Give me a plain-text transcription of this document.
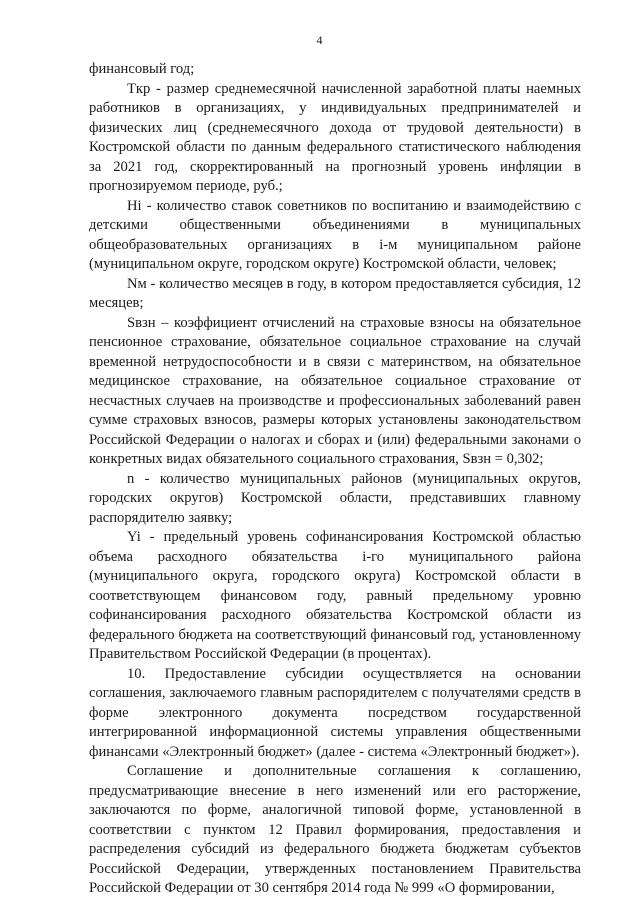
4

финансовый год;

Tкр - размер среднемесячной начисленной заработной платы наемных работников в организациях, у индивидуальных предпринимателей и физических лиц (среднемесячного дохода от трудовой деятельности) в Костромской области по данным федерального статистического наблюдения за 2021 год, скорректированный на прогнозный уровень инфляции в прогнозируемом периоде, руб.;

Hi - количество ставок советников по воспитанию и взаимодействию с детскими общественными объединениями в муниципальных общеобразовательных организациях в i-м муниципальном районе (муниципальном округе, городском округе) Костромской области, человек;

Nм - количество месяцев в году, в котором предоставляется субсидия, 12 месяцев;

Sвзн – коэффициент отчислений на страховые взносы на обязательное пенсионное страхование, обязательное социальное страхование на случай временной нетрудоспособности и в связи с материнством, на обязательное медицинское страхование, на обязательное социальное страхование от несчастных случаев на производстве и профессиональных заболеваний равен сумме страховых взносов, размеры которых установлены законодательством Российской Федерации о налогах и сборах и (или) федеральными законами о конкретных видах обязательного социального страхования, Sвзн = 0,302;

n - количество муниципальных районов (муниципальных округов, городских округов) Костромской области, представивших главному распорядителю заявку;

Yi - предельный уровень софинансирования Костромской областью объема расходного обязательства i-го муниципального района (муниципального округа, городского округа) Костромской области в соответствующем финансовом году, равный предельному уровню софинансирования расходного обязательства Костромской области из федерального бюджета на соответствующий финансовый год, установленному Правительством Российской Федерации (в процентах).

10. Предоставление субсидии осуществляется на основании соглашения, заключаемого главным распорядителем с получателями средств в форме электронного документа посредством государственной интегрированной информационной системы управления общественными финансами «Электронный бюджет» (далее - система «Электронный бюджет»).

Соглашение и дополнительные соглашения к соглашению, предусматривающие внесение в него изменений или его расторжение, заключаются по форме, аналогичной типовой форме, установленной в соответствии с пунктом 12 Правил формирования, предоставления и распределения субсидий из федерального бюджета бюджетам субъектов Российской Федерации, утвержденных постановлением Правительства Российской Федерации от 30 сентября 2014 года № 999 «О формировании,
